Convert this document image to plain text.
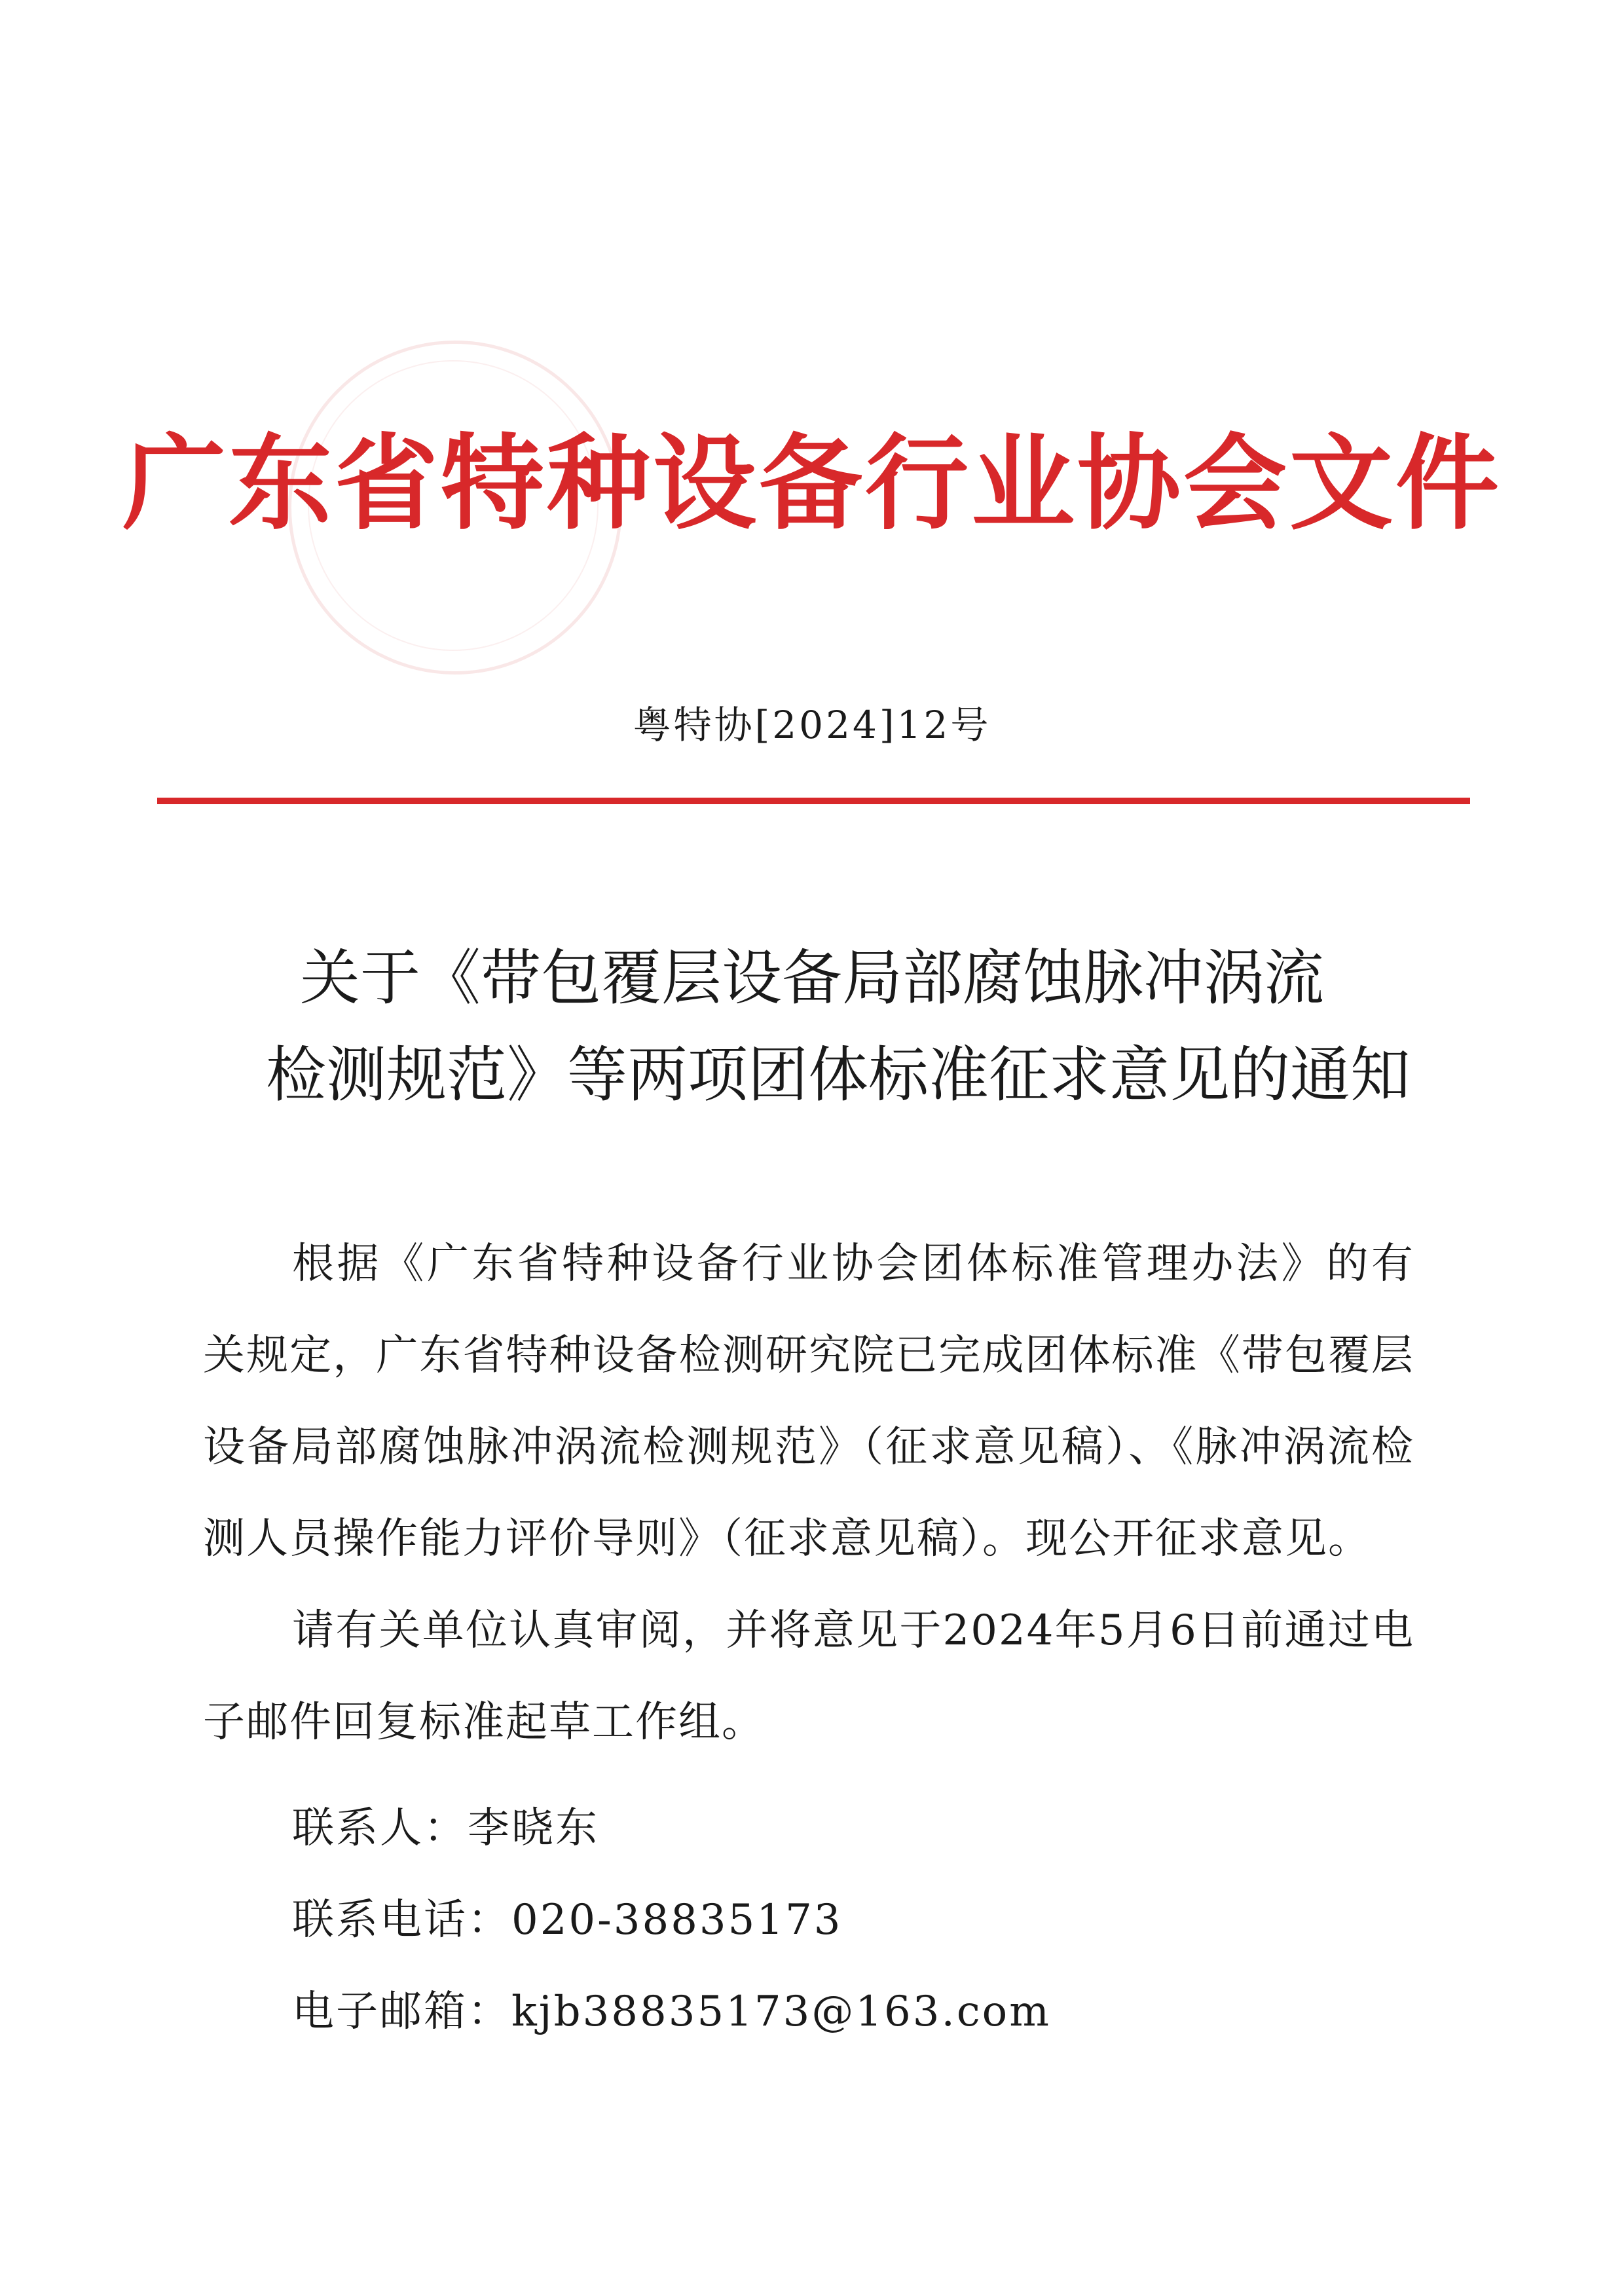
广东省特种设备行业协会文件
粤特协[2024]12号
关于《带包覆层设备局部腐蚀脉冲涡流
检测规范》等两项团体标准征求意见的通知

根据《广东省特种设备行业协会团体标准管理办法》的有关规定，广东省特种设备检测研究院已完成团体标准《带包覆层设备局部腐蚀脉冲涡流检测规范》（征求意见稿）、《脉冲涡流检测人员操作能力评价导则》（征求意见稿）。现公开征求意见。

请有关单位认真审阅，并将意见于2024年5月6日前通过电子邮件回复标准起草工作组。

联系人：李晓东
联系电话：020-38835173
电子邮箱：kjb38835173@163.com
